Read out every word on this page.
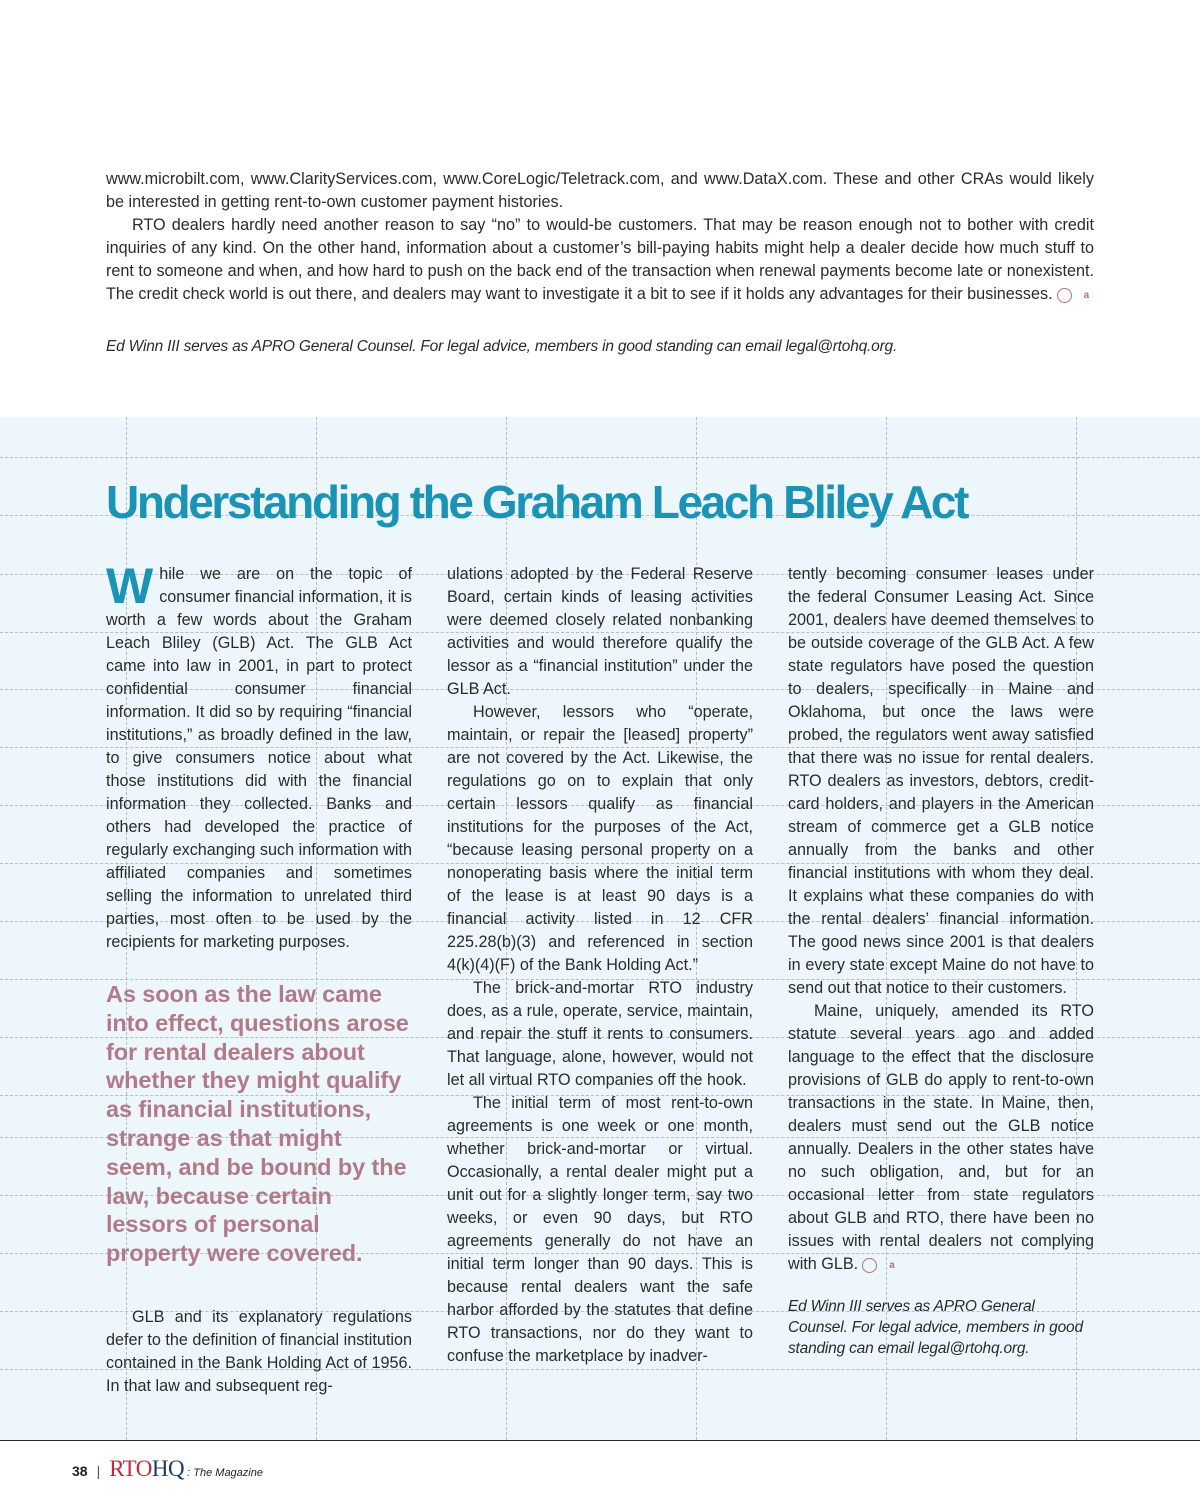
www.microbilt.com, www.ClarityServices.com, www.CoreLogic/Teletrack.com, and www.DataX.com. These and other CRAs would likely be interested in getting rent-to-own customer payment histories.

RTO dealers hardly need another reason to say “no” to would-be customers. That may be reason enough not to bother with credit inquiries of any kind. On the other hand, information about a customer’s bill-paying habits might help a dealer decide how much stuff to rent to someone and when, and how hard to push on the back end of the transaction when renewal payments become late or nonexistent. The credit check world is out there, and dealers may want to investigate it a bit to see if it holds any advantages for their businesses.	a

Ed Winn III serves as APRO General Counsel. For legal advice, members in good standing can email legal@rtohq.org.

Understanding the Graham Leach Bliley Act

While we are on the topic of consumer financial information, it is worth a few words about the Graham Leach Bliley (GLB) Act. The GLB Act came into law in 2001, in part to protect confidential consumer financial information. It did so by requiring “financial institutions,” as broadly defined in the law, to give consumers notice about what those institutions did with the financial information they collected. Banks and others had developed the practice of regularly exchanging such information with affiliated companies and sometimes selling the information to unrelated third parties, most often to be used by the recipients for marketing purposes.

As soon as the law came into effect, questions arose for rental dealers about whether they might qualify as financial institutions, strange as that might seem, and be bound by the law, because certain lessors of personal property were covered.

GLB and its explanatory regulations defer to the definition of financial institution contained in the Bank Holding Act of 1956. In that law and subsequent reg-

ulations adopted by the Federal Reserve Board, certain kinds of leasing activities were deemed closely related nonbanking activities and would therefore qualify the lessor as a “financial institution” under the GLB Act.

However, lessors who “operate, maintain, or repair the [leased] property” are not covered by the Act. Likewise, the regulations go on to explain that only certain lessors qualify as financial institutions for the purposes of the Act, “because leasing personal property on a nonoperating basis where the initial term of the lease is at least 90 days is a financial activity listed in 12 CFR 225.28(b)(3) and referenced in section 4(k)(4)(F) of the Bank Holding Act.”

The brick-and-mortar RTO industry does, as a rule, operate, service, maintain, and repair the stuff it rents to consumers. That language, alone, however, would not let all virtual RTO companies off the hook.

The initial term of most rent-to-own agreements is one week or one month, whether brick-and-mortar or virtual. Occasionally, a rental dealer might put a unit out for a slightly longer term, say two weeks, or even 90 days, but RTO agreements generally do not have an initial term longer than 90 days. This is because rental dealers want the safe harbor afforded by the statutes that define RTO transactions, nor do they want to confuse the marketplace by inadver-

tently becoming consumer leases under the federal Consumer Leasing Act. Since 2001, dealers have deemed themselves to be outside coverage of the GLB Act. A few state regulators have posed the question to dealers, specifically in Maine and Oklahoma, but once the laws were probed, the regulators went away satisfied that there was no issue for rental dealers. RTO dealers as investors, debtors, credit-card holders, and players in the American stream of commerce get a GLB notice annually from the banks and other financial institutions with whom they deal. It explains what these companies do with the rental dealers’ financial information. The good news since 2001 is that dealers in every state except Maine do not have to send out that notice to their customers.

Maine, uniquely, amended its RTO statute several years ago and added language to the effect that the disclosure provisions of GLB do apply to rent-to-own transactions in the state. In Maine, then, dealers must send out the GLB notice annually. Dealers in the other states have no such obligation, and, but for an occasional letter from state regulators about GLB and RTO, there have been no issues with rental dealers not complying with GLB.	a

Ed Winn III serves as APRO General Counsel. For legal advice, members in good standing can email legal@rtohq.org.

38 | RTOHQ : The Magazine
